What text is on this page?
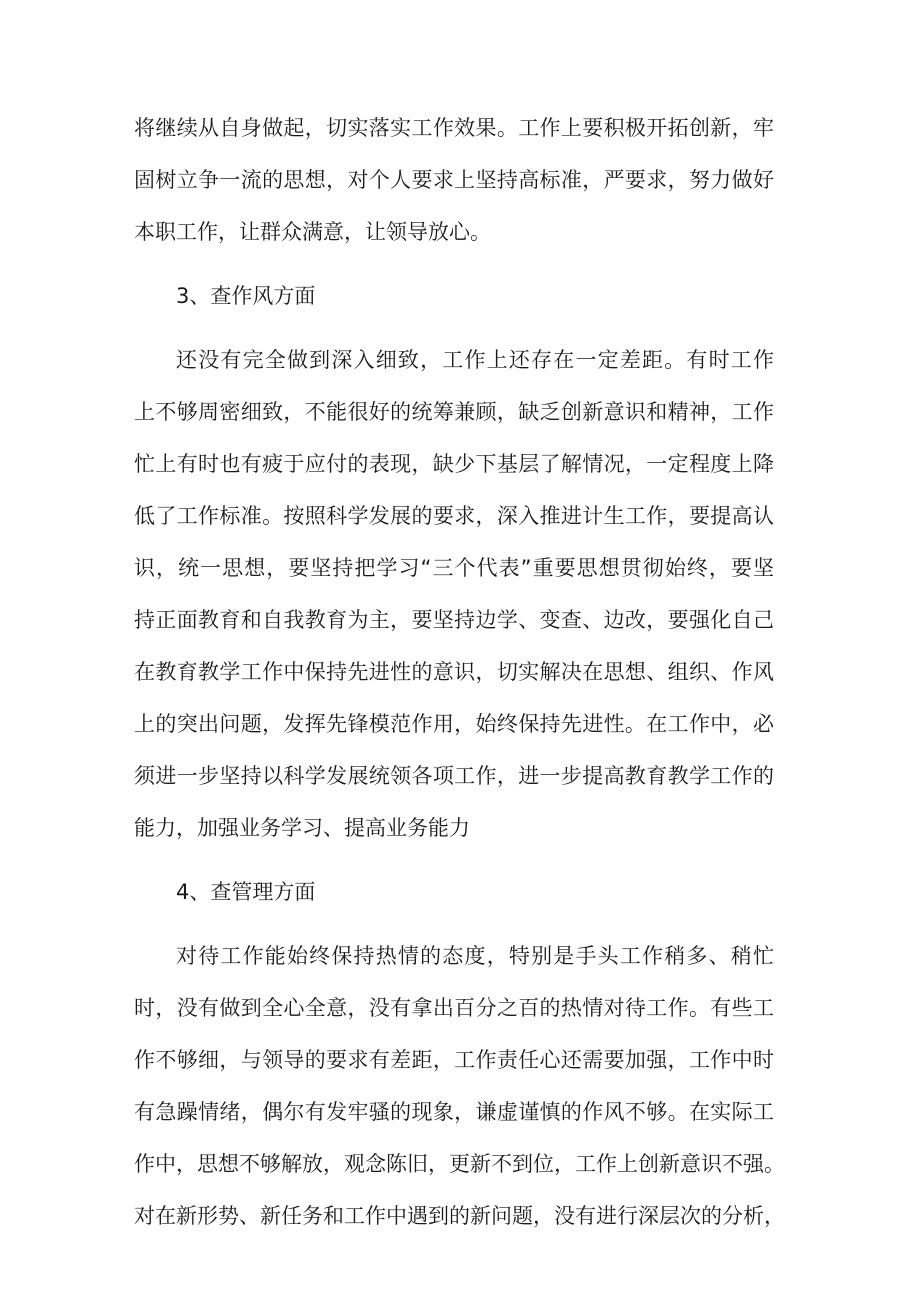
将继续从自身做起，切实落实工作效果。工作上要积极开拓创新，牢

固树立争一流的思想，对个人要求上坚持高标准，严要求，努力做好

本职工作，让群众满意，让领导放心。

3、查作风方面

还没有完全做到深入细致，工作上还存在一定差距。有时工作

上不够周密细致，不能很好的统筹兼顾，缺乏创新意识和精神，工作

忙上有时也有疲于应付的表现，缺少下基层了解情况，一定程度上降

低了工作标准。按照科学发展的要求，深入推进计生工作，要提高认

识，统一思想，要坚持把学习“三个代表”重要思想贯彻始终，要坚

持正面教育和自我教育为主，要坚持边学、变查、边改，要强化自己

在教育教学工作中保持先进性的意识，切实解决在思想、组织、作风

上的突出问题，发挥先锋模范作用，始终保持先进性。在工作中，必

须进一步坚持以科学发展统领各项工作，进一步提高教育教学工作的

能力，加强业务学习、提高业务能力

4、查管理方面

对待工作能始终保持热情的态度，特别是手头工作稍多、稍忙

时，没有做到全心全意，没有拿出百分之百的热情对待工作。有些工

作不够细，与领导的要求有差距，工作责任心还需要加强，工作中时

有急躁情绪，偶尔有发牢骚的现象，谦虚谨慎的作风不够。在实际工

作中，思想不够解放，观念陈旧，更新不到位，工作上创新意识不强。

对在新形势、新任务和工作中遇到的新问题，没有进行深层次的分析，
